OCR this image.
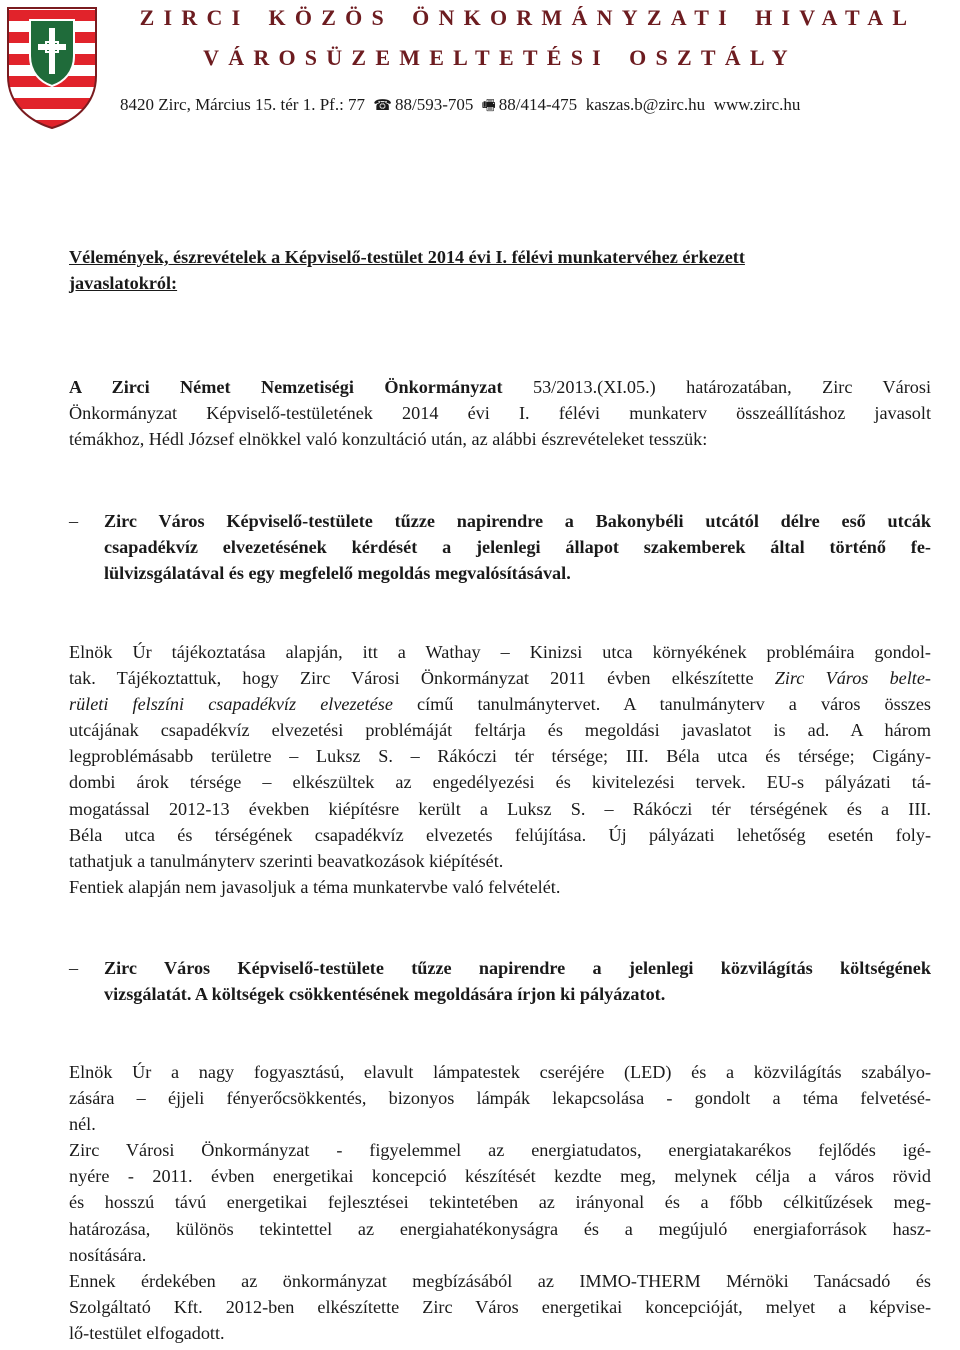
ZIRCI KÖZÖS ÖNKORMÁNYZATI HIVATAL
VÁROSÜZEMELTETÉSI OSZTÁLY
8420 Zirc, Március 15. tér 1. Pf.: 77 ☎ 88/593-705 🖷 88/414-475 kaszas.b@zirc.hu www.zirc.hu
Vélemények, észrevételek a Képviselő-testület 2014 évi I. félévi munkatervéhez érkezett
javaslatokról:
A Zirci Német Nemzetiségi Önkormányzat 53/2013.(XI.05.) határozatában, Zirc Városi
Önkormányzat Képviselő-testületének 2014 évi I. félévi munkaterv összeállításhoz javasolt
témákhoz, Hédl József elnökkel való konzultáció után, az alábbi észrevételeket tesszük:
– Zirc Város Képviselő-testülete tűzze napirendre a Bakonybéli utcától délre eső utcák
csapadékvíz elvezetésének kérdését a jelenlegi állapot szakemberek által történő fe-
lülvizsgálatával és egy megfelelő megoldás megvalósításával.
Elnök Úr tájékoztatása alapján, itt a Wathay – Kinizsi utca környékének problémáira gondol-
tak. Tájékoztattuk, hogy Zirc Városi Önkormányzat 2011 évben elkészítette Zirc Város belte-
rületi felszíni csapadékvíz elvezetése című tanulmánytervet. A tanulmányterv a város összes
utcájának csapadékvíz elvezetési problémáját feltárja és megoldási javaslatot is ad. A három
legproblémásabb területre – Luksz S. – Rákóczi tér térsége; III. Béla utca és térsége; Cigány-
dombi árok térsége – elkészültek az engedélyezési és kivitelezési tervek. EU-s pályázati tá-
mogatással 2012-13 években kiépítésre került a Luksz S. – Rákóczi tér térségének és a III.
Béla utca és térségének csapadékvíz elvezetés felújítása. Új pályázati lehetőség esetén foly-
tathatjuk a tanulmányterv szerinti beavatkozások kiépítését.
Fentiek alapján nem javasoljuk a téma munkatervbe való felvételét.
– Zirc Város Képviselő-testülete tűzze napirendre a jelenlegi közvilágítás költségének
vizsgálatát. A költségek csökkentésének megoldására írjon ki pályázatot.
Elnök Úr a nagy fogyasztású, elavult lámpatestek cseréjére (LED) és a közvilágítás szabályo-
zására – éjjeli fényerőcsökkentés, bizonyos lámpák lekapcsolása - gondolt a téma felvetésé-
nél.
Zirc Városi Önkormányzat - figyelemmel az energiatudatos, energiatakarékos fejlődés igé-
nyére - 2011. évben energetikai koncepció készítését kezdte meg, melynek célja a város rövid
és hosszú távú energetikai fejlesztései tekintetében az irányonal és a főbb célkitűzések meg-
határozása, különös tekintettel az energiahatékonyságra és a megújuló energiaforrások hasz-
nosítására.
Ennek érdekében az önkormányzat megbízásából az IMMO-THERM Mérnöki Tanácsadó és
Szolgáltató Kft. 2012-ben elkészítette Zirc Város energetikai koncepcióját, melyet a képvise-
lő-testület elfogadott.
